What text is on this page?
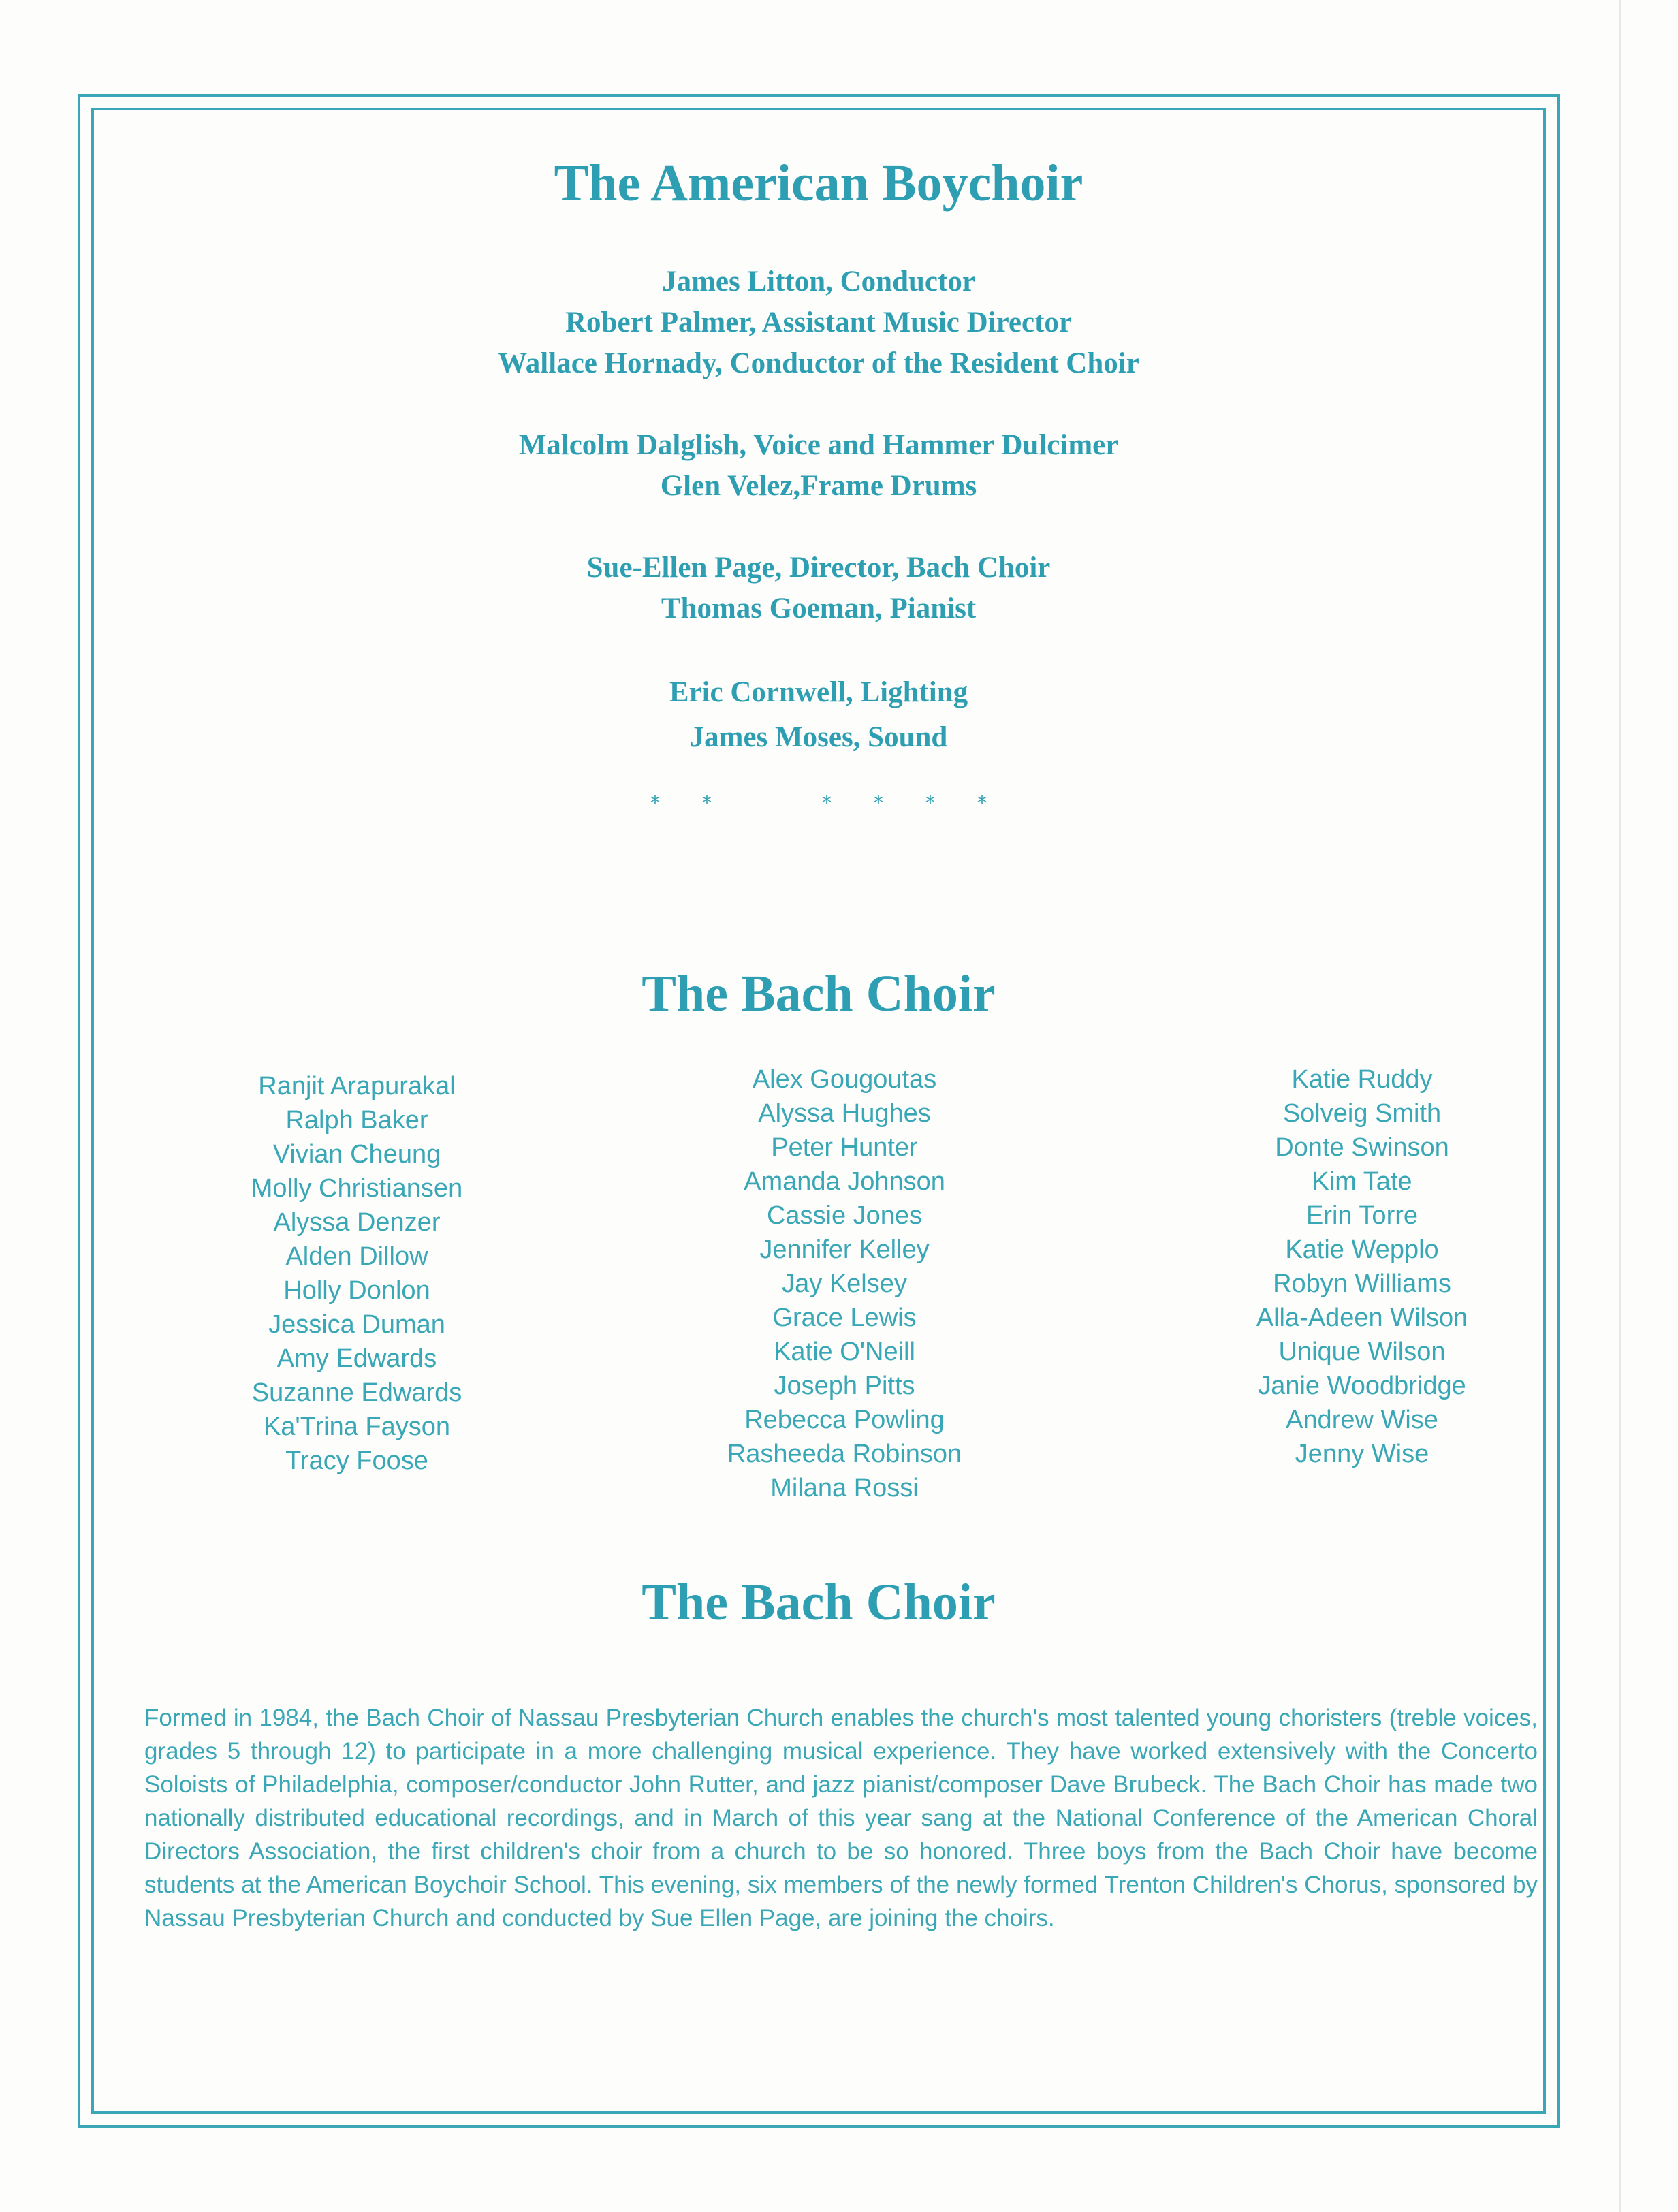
The American Boychoir
James Litton, Conductor
Robert Palmer, Assistant Music Director
Wallace Hornady, Conductor of the Resident Choir
Malcolm Dalglish, Voice and Hammer Dulcimer
Glen Velez,Frame Drums
Sue-Ellen Page, Director, Bach Choir
Thomas Goeman, Pianist
Eric Cornwell, Lighting
James Moses, Sound
* *	* * * *
The Bach Choir
Ranjit Arapurakal
Ralph Baker
Vivian Cheung
Molly Christiansen
Alyssa Denzer
Alden Dillow
Holly Donlon
Jessica Duman
Amy Edwards
Suzanne Edwards
Ka'Trina Fayson
Tracy Foose
Alex Gougoutas
Alyssa Hughes
Peter Hunter
Amanda Johnson
Cassie Jones
Jennifer Kelley
Jay Kelsey
Grace Lewis
Katie O'Neill
Joseph Pitts
Rebecca Powling
Rasheeda Robinson
Milana Rossi
Katie Ruddy
Solveig Smith
Donte Swinson
Kim Tate
Erin Torre
Katie Wepplo
Robyn Williams
Alla-Adeen Wilson
Unique Wilson
Janie Woodbridge
Andrew Wise
Jenny Wise
The Bach Choir

Formed in 1984, the Bach Choir of Nassau Presbyterian Church enables the church's most talented young choristers (treble voices, grades 5 through 12) to participate in a more challenging musical experience. They have worked extensively with the Concerto Soloists of Philadelphia, composer/conductor John Rutter, and jazz pianist/composer Dave Brubeck. The Bach Choir has made two nationally distributed educational recordings, and in March of this year sang at the National Conference of the American Choral Directors Association, the first children's choir from a church to be so honored. Three boys from the Bach Choir have become students at the American Boychoir School. This evening, six members of the newly formed Trenton Children's Chorus, sponsored by Nassau Presbyterian Church and conducted by Sue Ellen Page, are joining the choirs.
